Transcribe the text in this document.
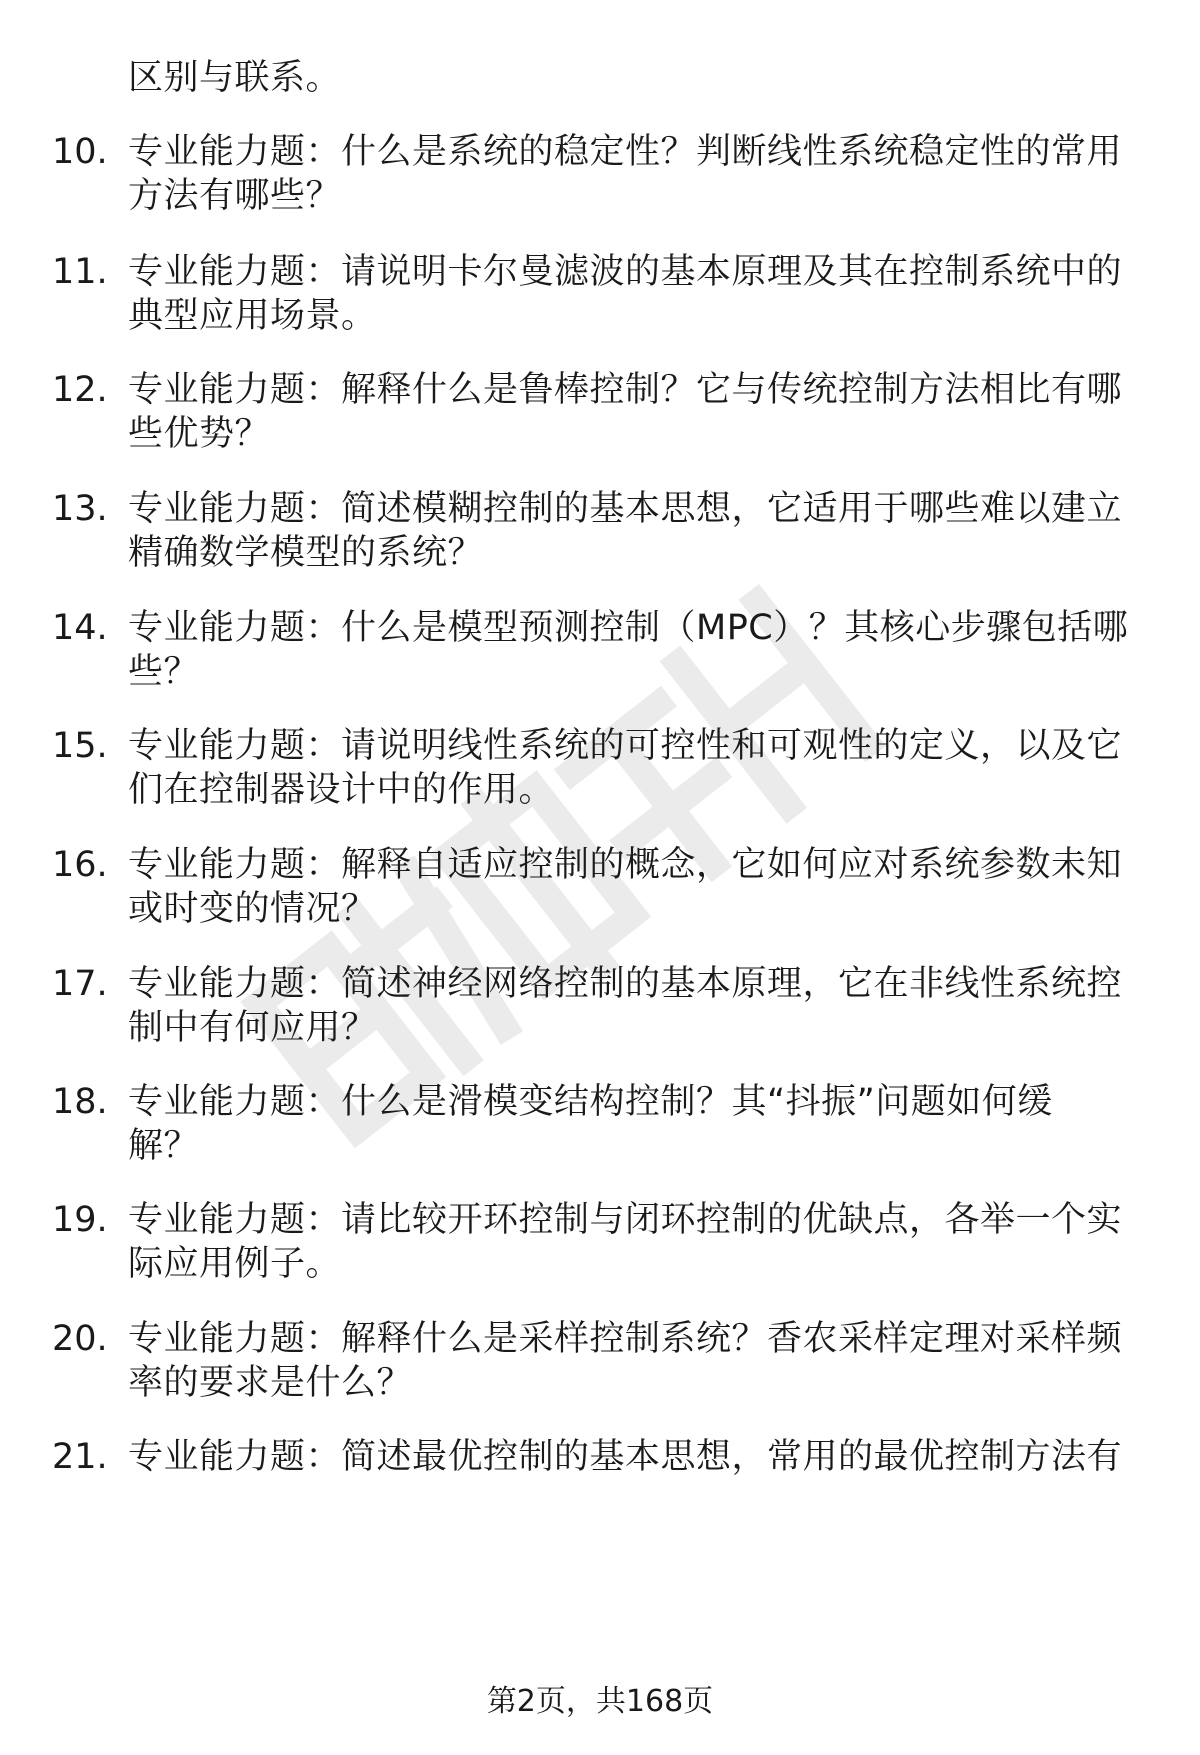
区别与联系。
10. 专业能力题：什么是系统的稳定性？判断线性系统稳定性的常用
方法有哪些？
11. 专业能力题：请说明卡尔曼滤波的基本原理及其在控制系统中的
典型应用场景。
12. 专业能力题：解释什么是鲁棒控制？它与传统控制方法相比有哪
些优势？
13. 专业能力题：简述模糊控制的基本思想，它适用于哪些难以建立
精确数学模型的系统？
14. 专业能力题：什么是模型预测控制（MPC）？其核心步骤包括哪
些？
15. 专业能力题：请说明线性系统的可控性和可观性的定义，以及它
们在控制器设计中的作用。
16. 专业能力题：解释自适应控制的概念，它如何应对系统参数未知
或时变的情况？
17. 专业能力题：简述神经网络控制的基本原理，它在非线性系统控
制中有何应用？
18. 专业能力题：什么是滑模变结构控制？其“抖振”问题如何缓
解？
19. 专业能力题：请比较开环控制与闭环控制的优缺点，各举一个实
际应用例子。
20. 专业能力题：解释什么是采样控制系统？香农采样定理对采样频
率的要求是什么？
21. 专业能力题：简述最优控制的基本思想，常用的最优控制方法有
第2页，共168页
